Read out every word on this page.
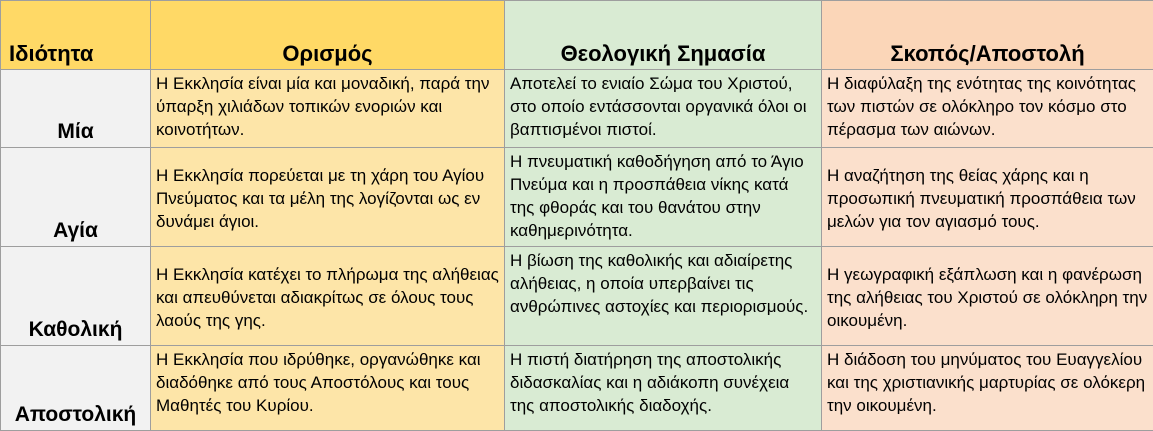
Ιδιότητα	Ορισμός	Θεολογική Σημασία	Σκοπός/Αποστολή
Μία	Η Εκκλησία είναι μία και μοναδική, παρά την ύπαρξη χιλιάδων τοπικών ενοριών και κοινοτήτων.	Αποτελεί το ενιαίο Σώμα του Χριστού, στο οποίο εντάσσονται οργανικά όλοι οι βαπτισμένοι πιστοί.	Η διαφύλαξη της ενότητας της κοινότητας των πιστών σε ολόκληρο τον κόσμο στο πέρασμα των αιώνων.
Αγία	Η Εκκλησία πορεύεται με τη χάρη του Αγίου Πνεύματος και τα μέλη της λογίζονται ως εν δυνάμει άγιοι.	Η πνευματική καθοδήγηση από το Άγιο Πνεύμα και η προσπάθεια νίκης κατά της φθοράς και του θανάτου στην καθημερινότητα.	Η αναζήτηση της θείας χάρης και η προσωπική πνευματική προσπάθεια των μελών για τον αγιασμό τους.
Καθολική	Η Εκκλησία κατέχει το πλήρωμα της αλήθειας και απευθύνεται αδιακρίτως σε όλους τους λαούς της γης.	Η βίωση της καθολικής και αδιαίρετης αλήθειας, η οποία υπερβαίνει τις ανθρώπινες αστοχίες και περιορισμούς.	Η γεωγραφική εξάπλωση και η φανέρωση της αλήθειας του Χριστού σε ολόκληρη την οικουμένη.
Αποστολική	Η Εκκλησία που ιδρύθηκε, οργανώθηκε και διαδόθηκε από τους Αποστόλους και τους Μαθητές του Κυρίου.	Η πιστή διατήρηση της αποστολικής διδασκαλίας και η αδιάκοπη συνέχεια της αποστολικής διαδοχής.	Η διάδοση του μηνύματος του Ευαγγελίου και της χριστιανικής μαρτυρίας σε ολόκερη την οικουμένη.
